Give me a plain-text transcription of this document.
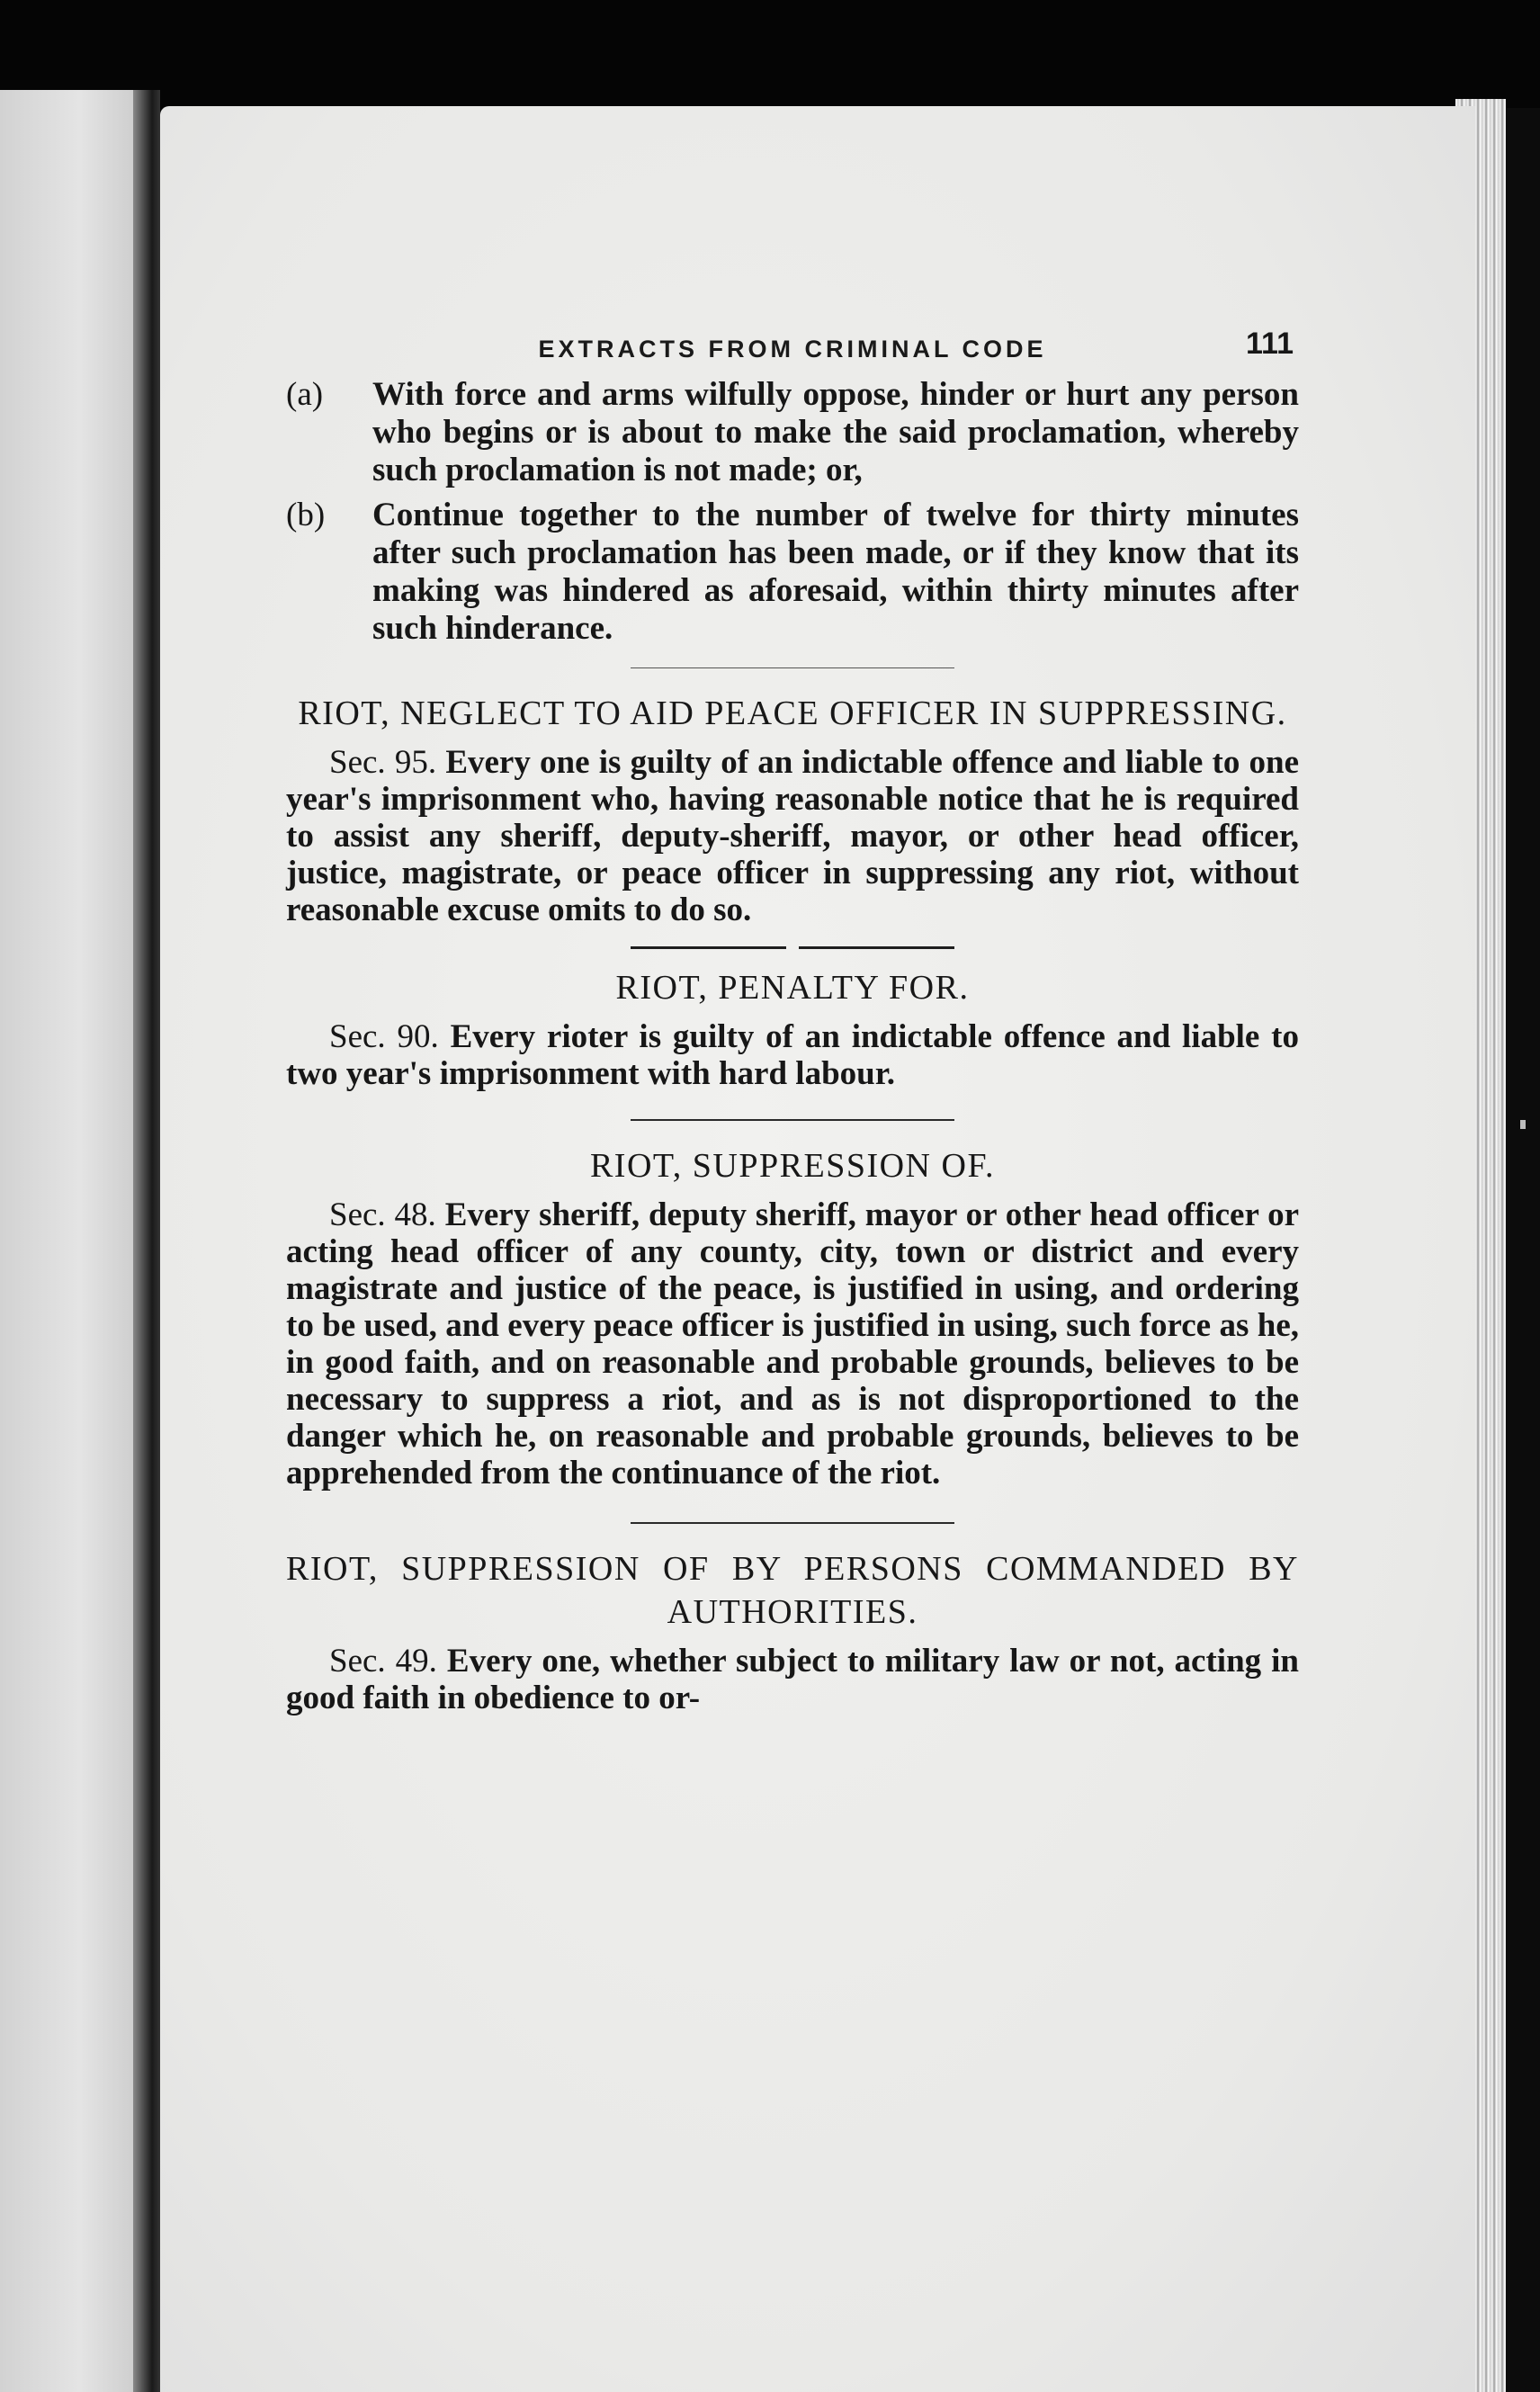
EXTRACTS FROM CRIMINAL CODE	111
(a)	With force and arms wilfully oppose, hinder or hurt any person who begins or is about to make the said proclamation, whereby such proclamation is not made; or,
(b)	Continue together to the number of twelve for thirty minutes after such proclamation has been made, or if they know that its making was hindered as aforesaid, within thirty minutes after such hinderance.
RIOT, NEGLECT TO AID PEACE OFFICER IN SUPPRESSING.

Sec. 95. Every one is guilty of an indictable offence and liable to one year's imprisonment who, having reasonable notice that he is required to assist any sheriff, deputy-sheriff, mayor, or other head officer, justice, magistrate, or peace officer in suppressing any riot, without reasonable excuse omits to do so.

RIOT, PENALTY FOR.

Sec. 90. Every rioter is guilty of an indictable offence and liable to two year's imprisonment with hard labour.

RIOT, SUPPRESSION OF.

Sec. 48. Every sheriff, deputy sheriff, mayor or other head officer or acting head officer of any county, city, town or district and every magistrate and justice of the peace, is justified in using, and ordering to be used, and every peace officer is justified in using, such force as he, in good faith, and on reasonable and probable grounds, believes to be necessary to suppress a riot, and as is not disproportioned to the danger which he, on reasonable and probable grounds, believes to be apprehended from the continuance of the riot.

RIOT, SUPPRESSION OF BY PERSONS COMMANDED BY AUTHORITIES.

Sec. 49. Every one, whether subject to military law or not, acting in good faith in obedience to or-
